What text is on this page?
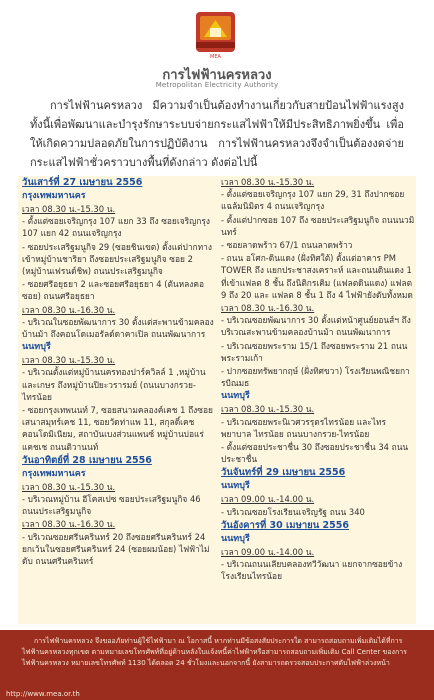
MEA
การไฟฟ้านครหลวง
Metropolitan Electricity Authority

การไฟฟ้านครหลวง มีความจำเป็นต้องทำงานเกี่ยวกับสายป้อนไฟฟ้าแรงสูง ทั้งนี้เพื่อพัฒนาและบำรุงรักษาระบบจ่ายกระแสไฟฟ้าให้มีประสิทธิภาพยิ่งขึ้น เพื่อให้เกิดความปลอดภัยในการปฏิบัติงาน การไฟฟ้านครหลวงจึงจำเป็นต้องงดจ่ายกระแสไฟฟ้าชั่วคราวบางพื้นที่ดังกล่าว ดังต่อไปนี้

วันเสาร์ที่ 27 เมษายน 2556
กรุงเทพมหานคร
เวลา 08.30 น.-15.30 น.
- ตั้งแต่ซอยเจริญกรุง 107 แยก 33 ถึง ซอยเจริญกรุง 107 แยก 42 ถนนเจริญกรุง
- ซอยประเสริฐมนูกิจ 29 (ซอยชินเขต) ตั้งแต่ปากทางเข้าหมู่บ้านชาริยา ถึงซอยประเสริฐมนูกิจ ซอย 2 (หมู่บ้านเฟรนด์ชิพ) ถนนประเสริฐมนูกิจ
- ซอยศรีอยุธยา 2 และซอยศรีอยุธยา 4 (ตันหลงคอซอย) ถนนศรีอยุธยา
เวลา 08.30 น.-16.30 น.
- บริเวณในซอยพัฒนาการ 30 ตั้งแต่สะพานข้ามคลองบ้านม้า ถึงคอนโดเมอรัลด์ดาคาเปิล ถนนพัฒนาการ
นนทบุรี
เวลา 08.30 น.-15.30 น.
- บริเวณตั้งแต่หมู่บ้านนครทองปาร์ควิลล์ 1 ,หมู่บ้านและเกษร ถึงหมู่บ้านปิยะวรารมย์ (ถนนบางกรวย-ไทรน้อย
- ซอยกรุงเทพนนท์ 7, ซอยสนามคลองค์เคช 1 ถึงซอยเสนาสมุทร์เคช 11, ซอยวัดท่าแพ 11, สกุลดิ์เคช คอนโดมิเนียม, สถาบันเบงส่วนแพนซ์ หมู่บ้านบ่อแร่แคชเช ถนนติวานนท์
วันอาทิตย์ที่ 28 เมษายน 2556
กรุงเทพมหานคร
เวลา 08.30 น.-15.30 น.
- บริเวณหมู่บ้าน อีโคสเปซ ซอยประเสริฐมนูกิจ 46 ถนนประเสริฐมนูกิจ
เวลา 08.30 น.-16.30 น.
- บริเวณซอยศรีนครินทร์ 20 ถึงซอยศรีนครินทร์ 24 ยกเว้นในซอยศรีนครินทร์ 24 (ซอยผมน้อย) ไฟฟ้าไม่ดับ ถนนศรีนครินทร์
เวลา 08.30 น.-15.30 น.
- ตั้งแต่ซอยเจริญกรุง 107 แยก 29, 31 ถึงปากซอยแฉล้มนิมิตร 4 ถนนเจริญกรุง
- ตั้งแต่ปากซอย 107 ถึง ซอยประเสริฐมนูกิจ ถนนนวมินทร์
- ซอยลาดพร้าว 67/1 ถนนลาดพร้าว
- ถนน อโศก-ดินแดง (ฝั่งทิศใต้) ตั้งแต่อาคาร PM TOWER ถึง แยกประชาสงเคราะห์ และถนนดินแดง 1 ที่เข้าแฟลต 8 ชั้น ถึงนิติกรเคิม (แฟลตดินแดง) แฟลต 9 ถึง 20 และ แฟลต 8 ชั้น 1 ถึง 4 ไฟฟ้ายังดับทั้งหมด
เวลา 08.30 น.-16.30 น.
- บริเวณซอยพัฒนาการ 30 ตั้งแต่หน้าศูนย์ยอนส์ฯ ถึง บริเวณสะพานข้ามคลองบ้านม้า ถนนพัฒนาการ
- บริเวณซอยพระราม 15/1 ถึงซอยพระราม 21 ถนนพระรามเก้า
- ปากซอยทรัพยากฤษ์ (ฝั่งทิศขวา) โรงเรียนพณิชยการบีณมธ
นนทบุรี
เวลา 08.30 น.-15.30 น.
- บริเวณซอยพระนิเวศวรรุตรไทรน้อย และไทรพยาบาล ไทรน้อย ถนนบางกรวย-ไทรน้อย
- ตั้งแต่ซอยประชาชื่น 30 ถึงซอยประชาชื่น 34 ถนนประชาชื่น
วันจันทร์ที่ 29 เมษายน 2556
นนทบุรี
เวลา 09.00 น.-14.00 น.
- บริเวณซอยโรงเรียนเจริญรัฐ ถนน 340
วันอังคารที่ 30 เมษายน 2556
นนทบุรี
เวลา 09.00 น.-14.00 น.
- บริเวณถนนเลียบคลองทวีวัฒนา แยกจากซอยข้างโรงเรียนไทรน้อย
การไฟฟ้านครหลวง จึงขออภัยท่านผู้ใช้ไฟฟ้ามา ณ โอกาสนี้ หากท่านมีข้อสงสัยประการใด สามารถสอบถามเพิ่มเติมได้ที่การไฟฟ้านครหลวงทุกเขต ตามหมายเลขโทรศัพท์ที่อยู่ด้านหลังใบแจ้งหนี้ค่าไฟฟ้าหรือสามารถสอบถามเพิ่มเติม Call Center ของการไฟฟ้านครหลวง หมายเลขโทรศัพท์ 1130 ได้ตลอด 24 ชั่วโมงและนอกจากนี้ ยังสามารถตรวจสอบประกาศดับไฟฟ้าล่วงหน้า
http://www.mea.or.th
